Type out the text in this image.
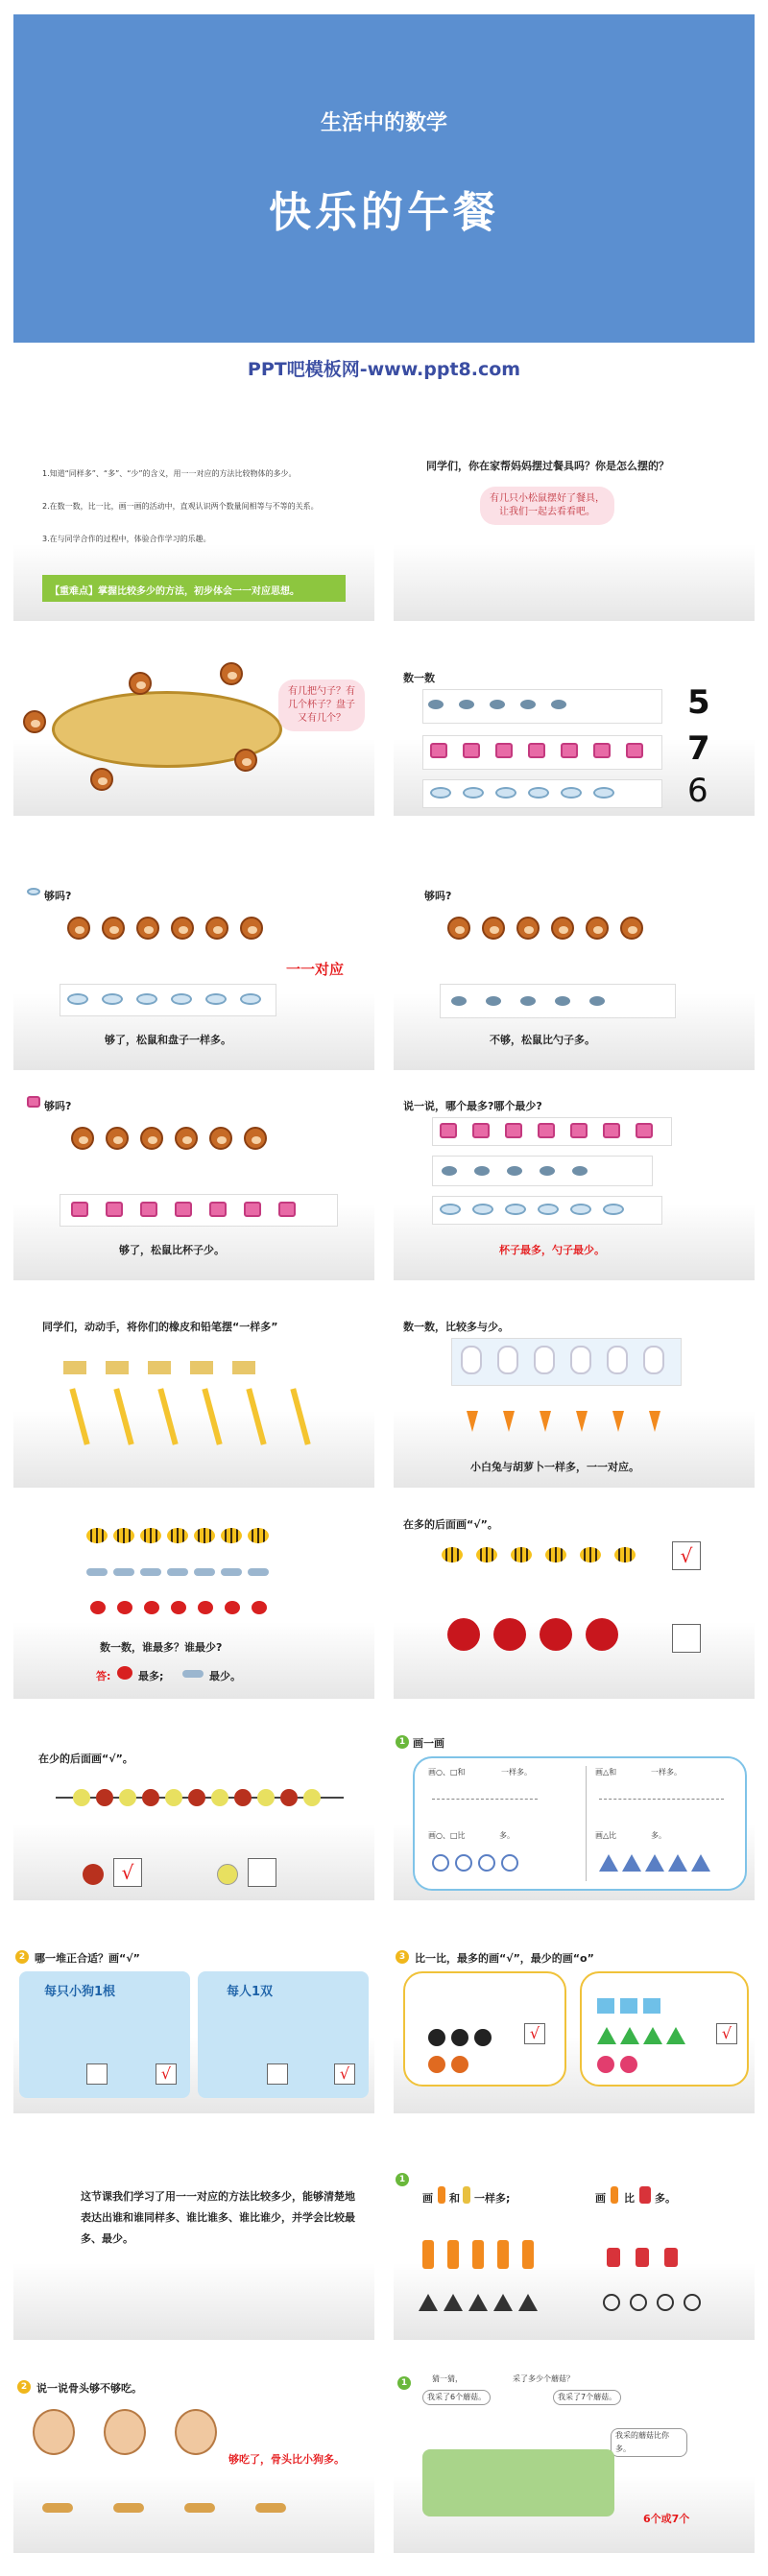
生活中的数学
快乐的午餐
PPT吧模板网-www.ppt8.com
1.知道“同样多”、“多”、“少”的含义，用一一对应的方法比较物体的多少。
2.在数一数，比一比，画一画的活动中，直观认识两个数量间相等与不等的关系。
3.在与同学合作的过程中，体验合作学习的乐趣。
【重难点】 掌握比较多少的方法，初步体会一一对应思想。
同学们，你在家帮妈妈摆过餐具吗？你是怎么摆的？
有几只小松鼠摆好了餐具，让我们一起去看看吧。
有几把勺子？有几个杯子？盘子又有几个？
数一数
5
7
6
够吗?
一一对应
够了，松鼠和盘子一样多。
够吗?
不够，松鼠比勺子多。
够吗?
够了，松鼠比杯子少。
说一说，哪个最多?哪个最少?
杯子最多，勺子最少。
同学们，动动手，将你们的橡皮和铅笔摆“一样多”	数一数，比较多与少。
小白兔与胡萝卜一样多，一一对应。
数一数，谁最多？谁最少?
答:	最多;	最少。
在多的后面画“√”。
√
在少的后面画“√”。
√
1 画一画
画○、□和	一样多。	画△和	一样多。
画○、□比	多。	画△比	多。
2 哪一堆正合适？画“√”
每只小狗1根	每人1双
√	√
3 比一比，最多的画“√”，最少的画“o”
√	√
这节课我们学习了用一一对应的方法比较多少，能够清楚地表达出谁和谁同样多、谁比谁多、谁比谁少，并学会比较最多、最少。
1
画 和 一样多;	画 比 多。
2 说一说骨头够不够吃。
够吃了，骨头比小狗多。
1	猜一猜，	采了多少个蘑菇？
我采了6个蘑菇。	我采了7个蘑菇。
我采的蘑菇比你多。
6个或7个
